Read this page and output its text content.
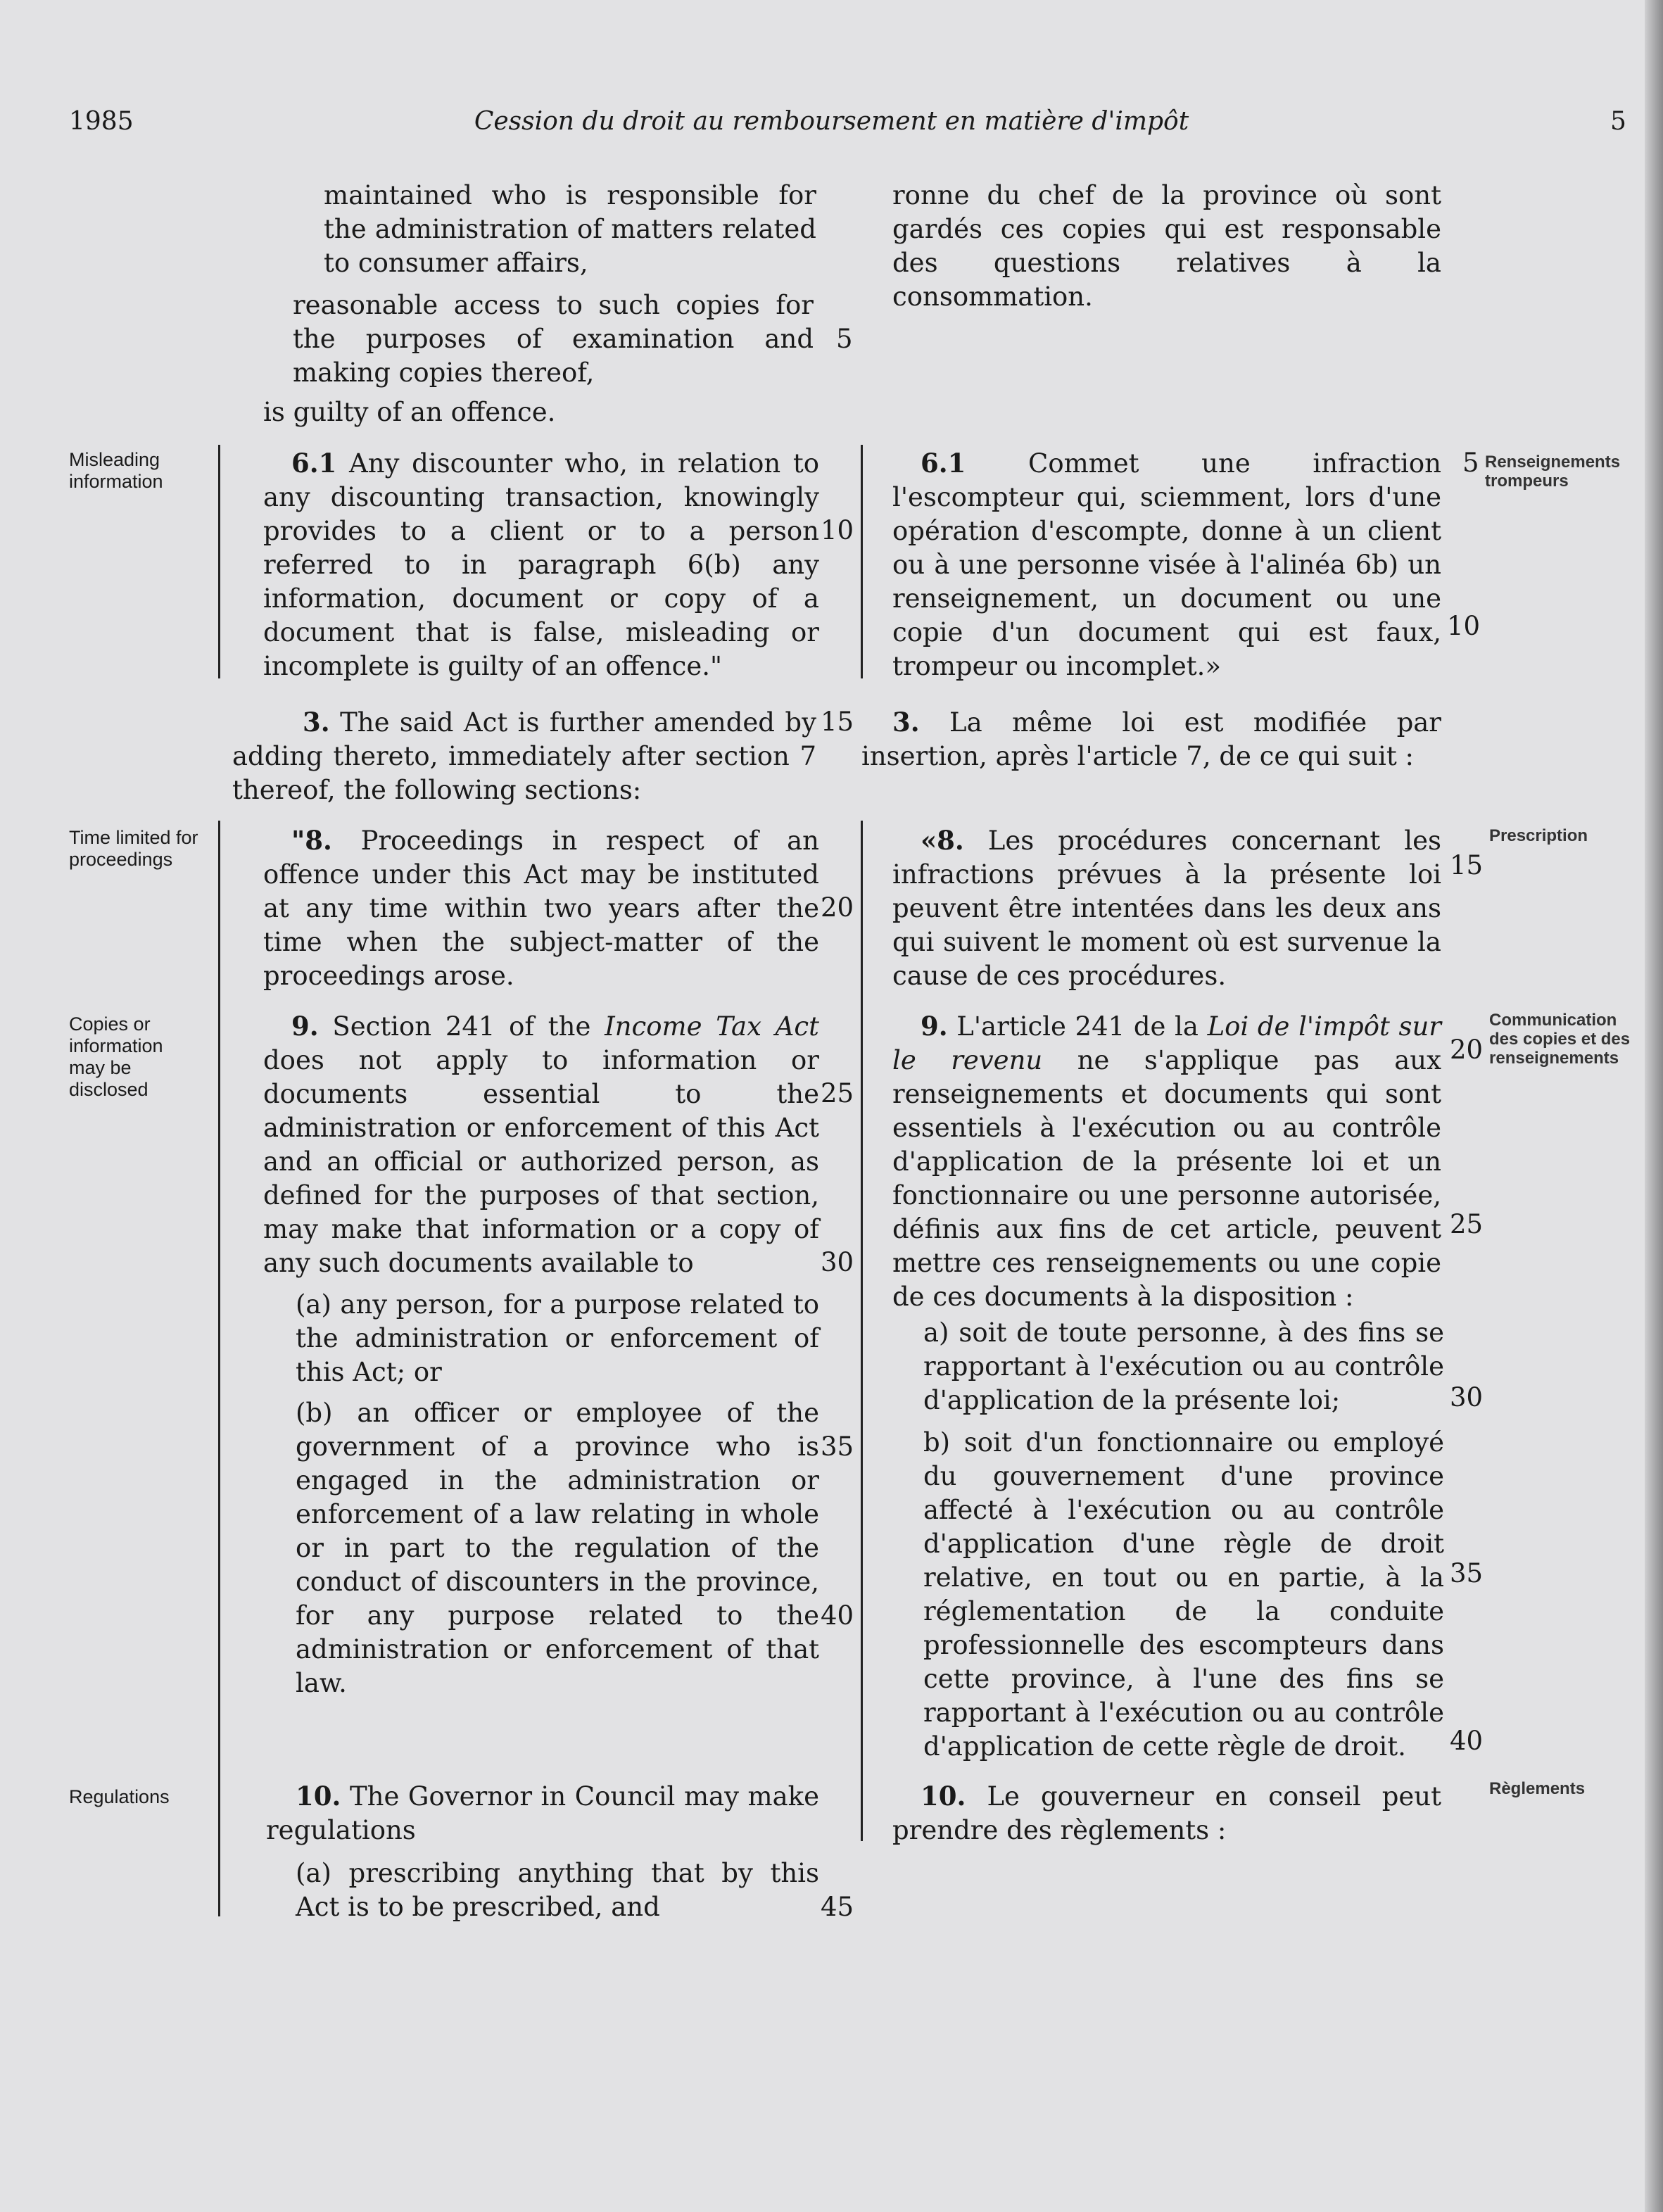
1985	Cession du droit au remboursement en matière d'impôt	5
Misleading information
Time limited for proceedings
Copies or information may be disclosed
Regulations
Renseignements trompeurs
Prescription
Communication des copies et des renseignements
Règlements

maintained who is responsible for the administration of matters related to consumer affairs,

reasonable access to such copies for the purposes of examination and making copies thereof,

is guilty of an offence.

6.1 Any discounter who, in relation to any discounting transaction, knowingly provides to a client or to a person referred to in paragraph 6(b) any information, document or copy of a document that is false, misleading or incomplete is guilty of an offence."

3. The said Act is further amended by adding thereto, immediately after section 7 thereof, the following sections:

"8. Proceedings in respect of an offence under this Act may be instituted at any time within two years after the time when the subject-matter of the proceedings arose.

9. Section 241 of the Income Tax Act does not apply to information or documents essential to the administration or enforcement of this Act and an official or authorized person, as defined for the purposes of that section, may make that information or a copy of any such documents available to

(a) any person, for a purpose related to the administration or enforcement of this Act; or

(b) an officer or employee of the government of a province who is engaged in the administration or enforcement of a law relating in whole or in part to the regulation of the conduct of discounters in the province, for any purpose related to the administration or enforcement of that law.

10. The Governor in Council may make regulations

(a) prescribing anything that by this Act is to be prescribed, and

ronne du chef de la province où sont gardés ces copies qui est responsable des questions relatives à la consommation.

6.1 Commet une infraction l'escompteur qui, sciemment, lors d'une opération d'escompte, donne à un client ou à une personne visée à l'alinéa 6b) un renseignement, un document ou une copie d'un document qui est faux, trompeur ou incomplet.»

3. La même loi est modifiée par insertion, après l'article 7, de ce qui suit :

«8. Les procédures concernant les infractions prévues à la présente loi peuvent être intentées dans les deux ans qui suivent le moment où est survenue la cause de ces procédures.

9. L'article 241 de la Loi de l'impôt sur le revenu ne s'applique pas aux renseignements et documents qui sont essentiels à l'exécution ou au contrôle d'application de la présente loi et un fonctionnaire ou une personne autorisée, définis aux fins de cet article, peuvent mettre ces renseignements ou une copie de ces documents à la disposition :

a) soit de toute personne, à des fins se rapportant à l'exécution ou au contrôle d'application de la présente loi;

b) soit d'un fonctionnaire ou employé du gouvernement d'une province affecté à l'exécution ou au contrôle d'application d'une règle de droit relative, en tout ou en partie, à la réglementation de la conduite professionnelle des escompteurs dans cette province, à l'une des fins se rapportant à l'exécution ou au contrôle d'application de cette règle de droit.

10. Le gouverneur en conseil peut prendre des règlements :

5
10
15
20
25
30
35
40
45
5
10
15
20
25
30
35
40
